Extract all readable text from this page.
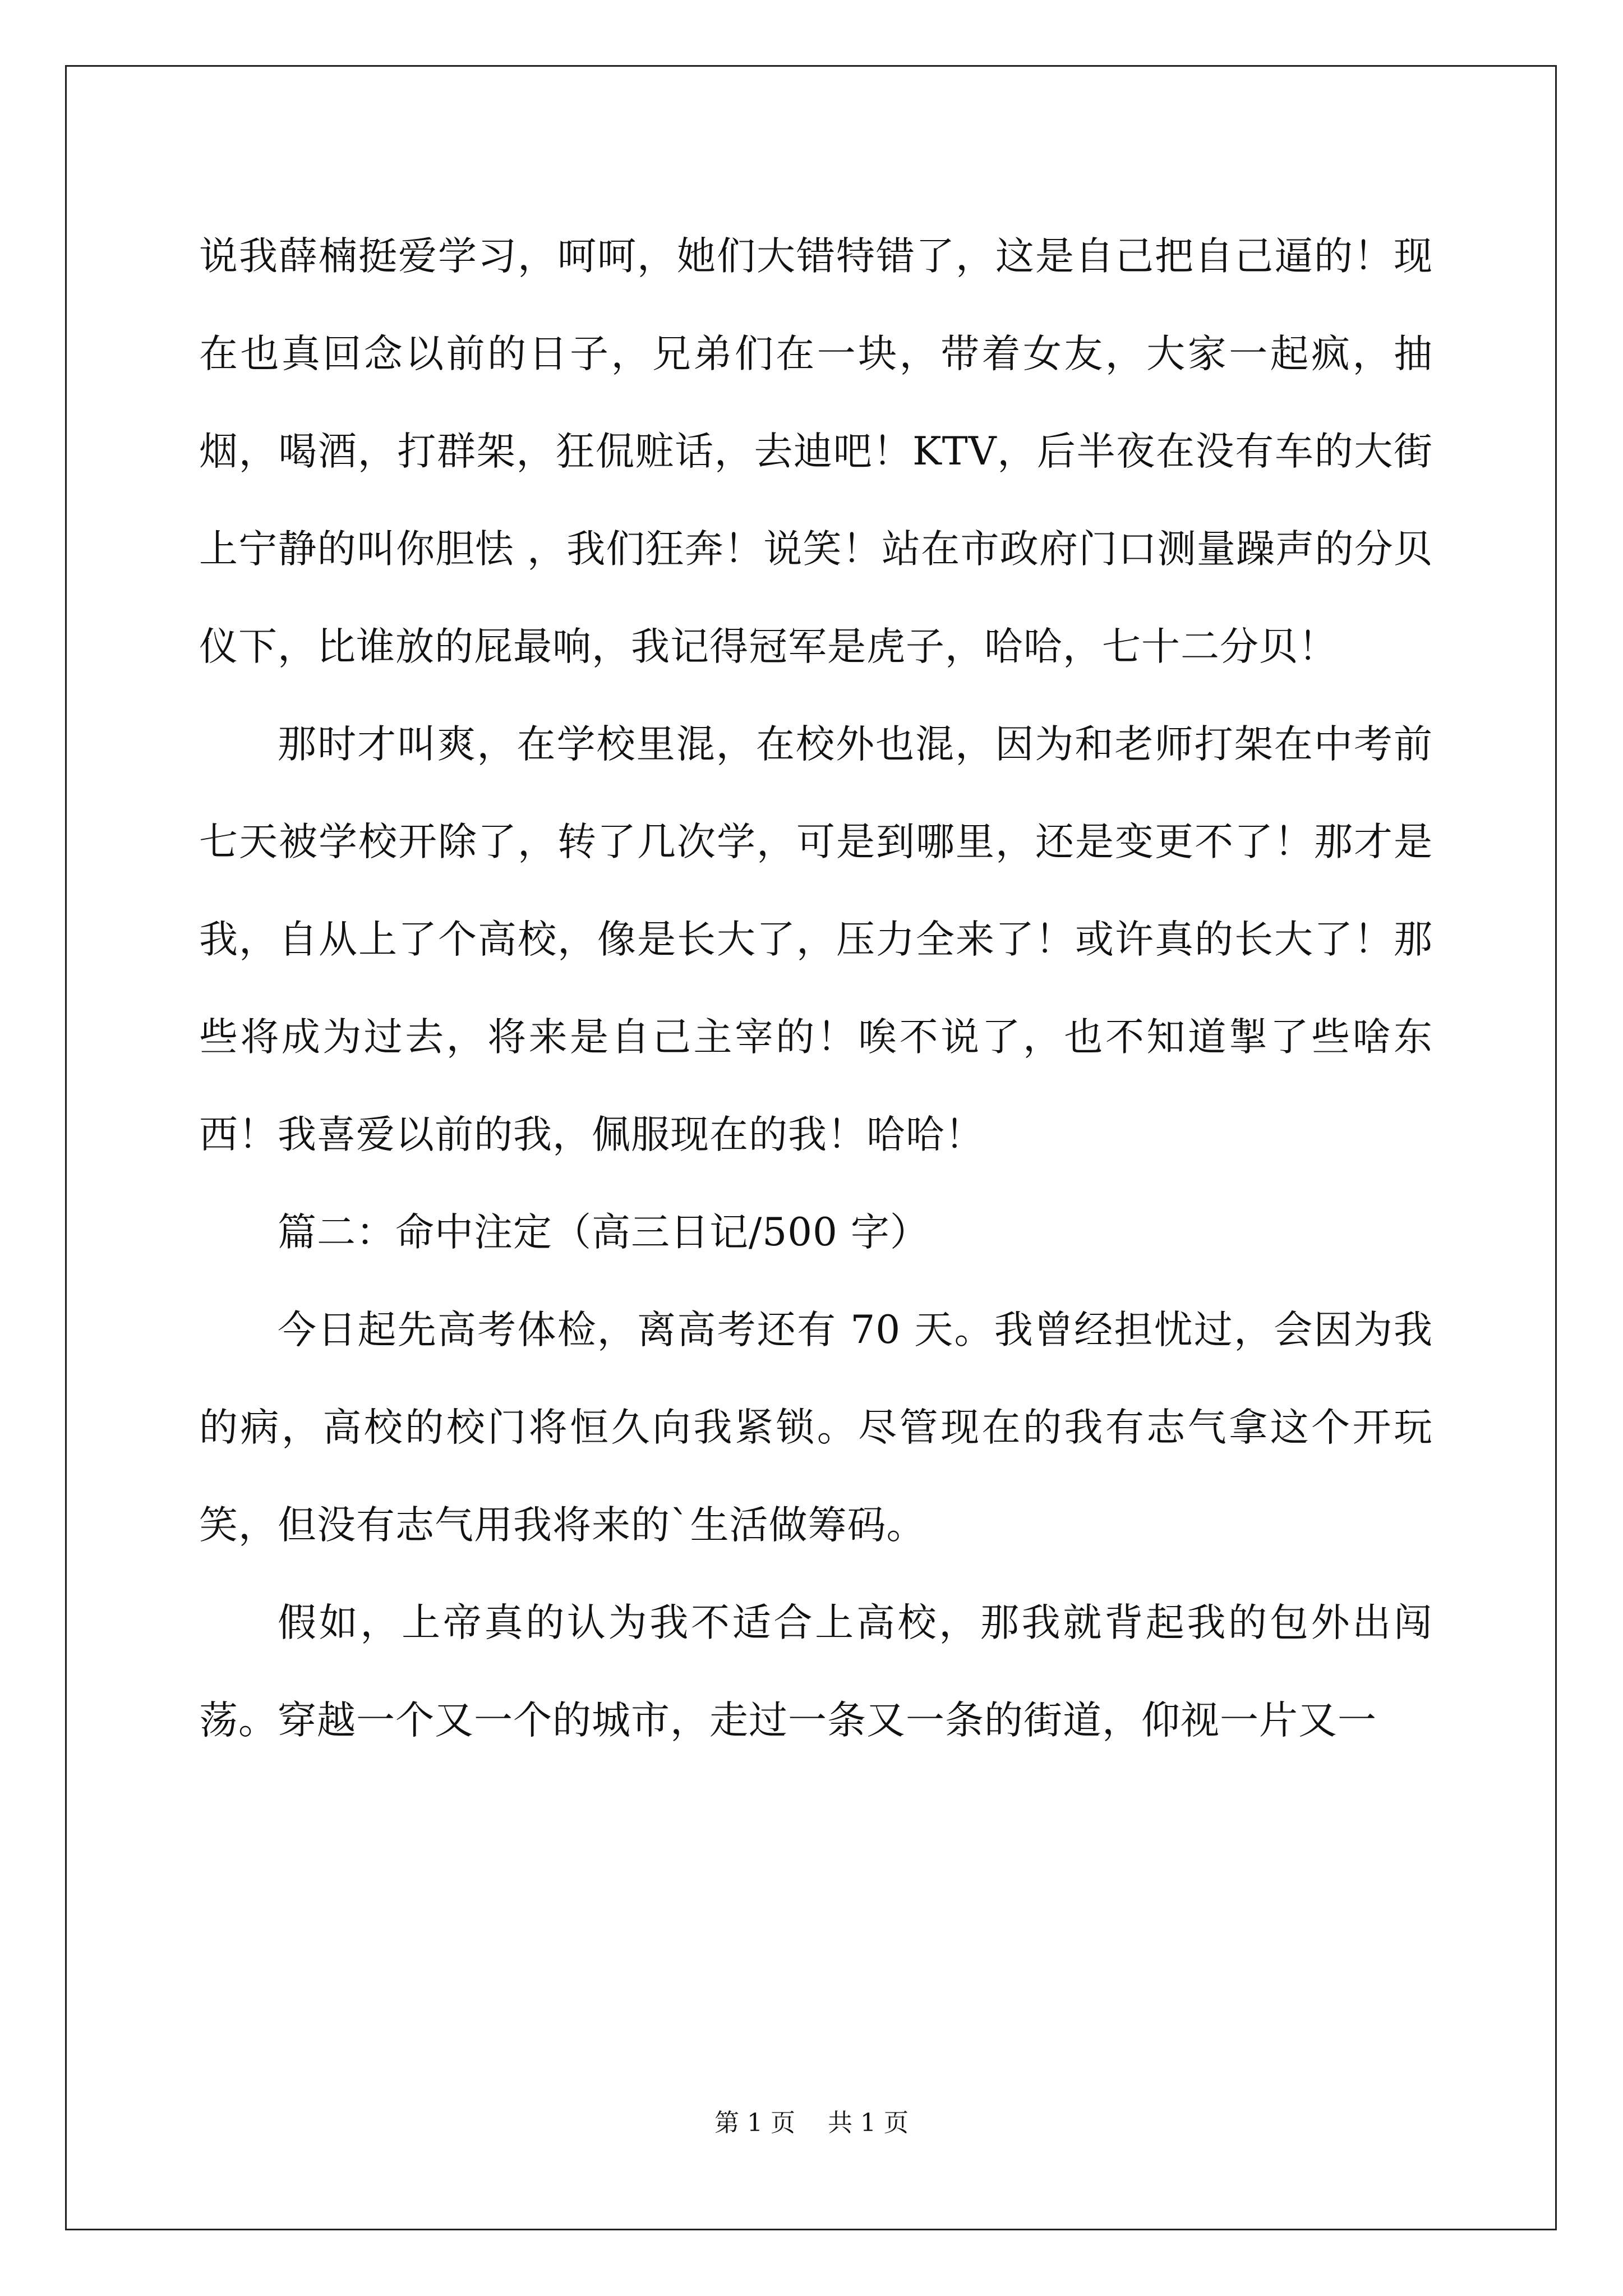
说我薛楠挺爱学习，呵呵，她们大错特错了，这是自己把自己逼的！现在也真回念以前的日子，兄弟们在一块，带着女友，大家一起疯，抽烟，喝酒，打群架，狂侃赃话，去迪吧！KTV，后半夜在没有车的大街上宁静的叫你胆怯 ，我们狂奔！说笑！站在市政府门口测量躁声的分贝仪下，比谁放的屁最响，我记得冠军是虎子，哈哈，七十二分贝！

那时才叫爽，在学校里混，在校外也混，因为和老师打架在中考前七天被学校开除了，转了几次学，可是到哪里，还是变更不了！那才是我，自从上了个高校，像是长大了，压力全来了！或许真的长大了！那些将成为过去，将来是自己主宰的！唉不说了，也不知道掣了些啥东西！我喜爱以前的我，佩服现在的我！哈哈！

篇二：命中注定（高三日记/500 字）

今日起先高考体检，离高考还有 70 天。我曾经担忧过，会因为我的病，高校的校门将恒久向我紧锁。尽管现在的我有志气拿这个开玩笑，但没有志气用我将来的`生活做筹码。

假如，上帝真的认为我不适合上高校，那我就背起我的包外出闯荡。穿越一个又一个的城市，走过一条又一条的街道，仰视一片又一

第 1 页 共 1 页
